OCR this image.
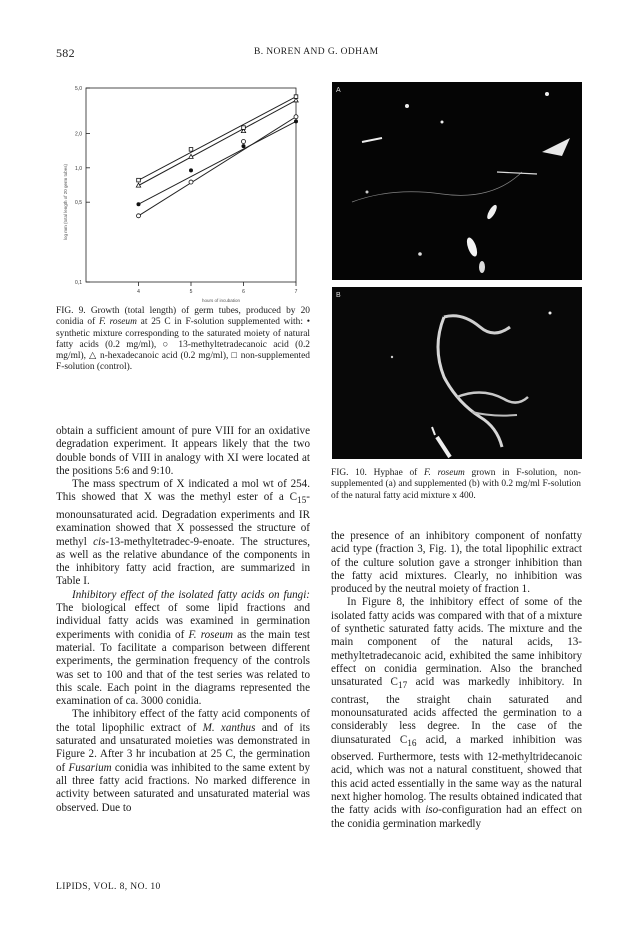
582	B. NOREN AND G. ODHAM
0,1
0,5
1,0
2,0
5,0
4	5	6	7
log mm (total length of 20 germ tubes)
hours of incubation
FIG. 9. Growth (total length) of germ tubes, produced by 20 conidia of F. roseum at 25 C in F-solution supplemented with: • synthetic mixture corresponding to the saturated moiety of natural fatty acids (0.2 mg/ml), ○ 13-methyltetradecanoic acid (0.2 mg/ml), △ n-hexadecanoic acid (0.2 mg/ml), □ non-supplemented F-solution (control).
A
B
FIG. 10. Hyphae of F. roseum grown in F-solution, non-supplemented (a) and supplemented (b) with 0.2 mg/ml F-solution of the natural fatty acid mixture x 400.

obtain a sufficient amount of pure VIII for an oxidative degradation experiment. It appears likely that the two double bonds of VIII in analogy with XI were located at the positions 5:6 and 9:10.

The mass spectrum of X indicated a mol wt of 254. This showed that X was the methyl ester of a $C_{15}$-monounsaturated acid. Degradation experiments and IR examination showed that X possessed the structure of methyl cis-13-methyltetradec-9-enoate. The structures, as well as the relative abundance of the components in the inhibitory fatty acid fraction, are summarized in Table I.

Inhibitory effect of the isolated fatty acids on fungi: The biological effect of some lipid fractions and individual fatty acids was examined in germination experiments with conidia of F. roseum as the main test material. To facilitate a comparison between different experiments, the germination frequency of the controls was set to 100 and that of the test series was related to this scale. Each point in the diagrams represented the examination of ca. 3000 conidia.

The inhibitory effect of the fatty acid components of the total lipophilic extract of M. xanthus and of its saturated and unsaturated moieties was demonstrated in Figure 2. After 3 hr incubation at 25 C, the germination of Fusarium conidia was inhibited to the same extent by all three fatty acid fractions. No marked difference in activity between saturated and unsaturated material was observed. Due to

the presence of an inhibitory component of nonfatty acid type (fraction 3, Fig. 1), the total lipophilic extract of the culture solution gave a stronger inhibition than the fatty acid mixtures. Clearly, no inhibition was produced by the neutral moiety of fraction 1.

In Figure 8, the inhibitory effect of some of the isolated fatty acids was compared with that of a mixture of synthetic saturated fatty acids. The mixture and the main component of the natural acids, 13-methyltetradecanoic acid, exhibited the same inhibitory effect on conidia germination. Also the branched unsaturated $C_{17}$ acid was markedly inhibitory. In contrast, the straight chain saturated and monounsaturated acids affected the germination to a considerably less degree. In the case of the diunsaturated $C_{16}$ acid, a marked inhibition was observed. Furthermore, tests with 12-methyltridecanoic acid, which was not a natural constituent, showed that this acid acted essentially in the same way as the natural next higher homolog. The results obtained indicated that the fatty acids with iso-configuration had an effect on the conidia germination markedly

LIPIDS, VOL. 8, NO. 10
